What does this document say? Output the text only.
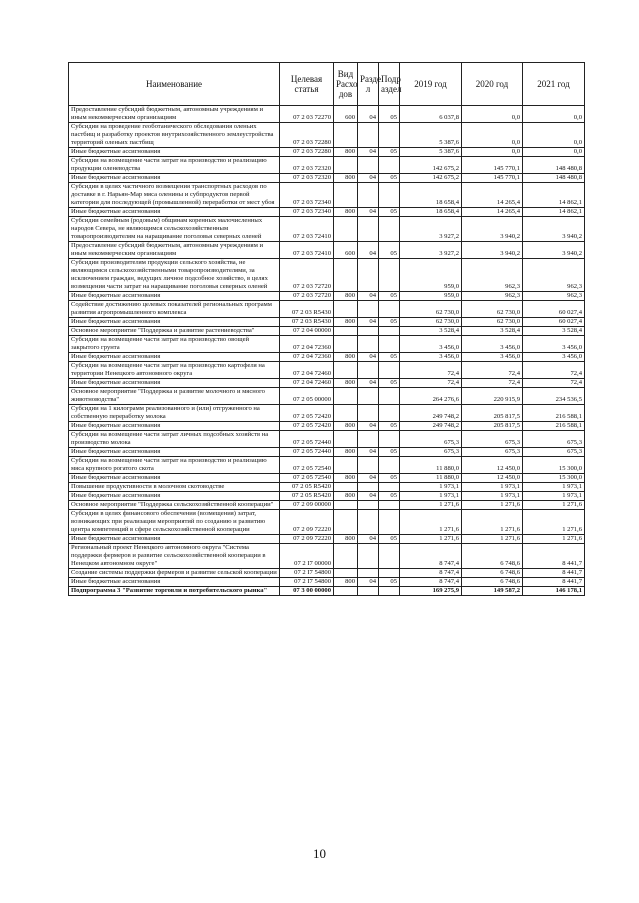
Наименование	Целевая статья	Вид Расхо дов	Разде л	Подр аздел	2019 год	2020 год	2021 год
Предоставление субсидий бюджетным, автономным учреждениям и иным некоммерческим организациям	07 2 03 72270	600	04	05	6 037,8	0,0	0,0
Субсидии на проведение геоботанического обследования оленьих пастбищ и разработку проектов внутрихозяйственного землеустройства территорий оленьих пастбищ	07 2 03 72280				5 387,6	0,0	0,0
Иные бюджетные ассигнования	07 2 03 72280	800	04	05	5 387,6	0,0	0,0
Субсидии на возмещение части затрат на производство и реализацию продукции оленеводства	07 2 03 72320				142 675,2	145 770,1	148 480,8
Иные бюджетные ассигнования	07 2 03 72320	800	04	05	142 675,2	145 770,1	148 480,8
Субсидии в целях частичного возмещения транспортных расходов по доставке в г. Нарьян-Мар мяса оленины и субпродуктов первой категории для последующей (промышленной) переработки от мест убоя	07 2 03 72340				18 658,4	14 265,4	14 862,1
Иные бюджетные ассигнования	07 2 03 72340	800	04	05	18 658,4	14 265,4	14 862,1
Субсидии семейным (родовым) общинам коренных малочисленных народов Севера, не являющимся сельскохозяйственным товаропроизводителям на наращивание поголовья северных оленей	07 2 03 72410				3 927,2	3 940,2	3 940,2
Предоставление субсидий бюджетным, автономным учреждениям и иным некоммерческим организациям	07 2 03 72410	600	04	05	3 927,2	3 940,2	3 940,2
Субсидии производителям продукции сельского хозяйства, не являющимся сельскохозяйственными товаропроизводителями, за исключением граждан, ведущих личное подсобное хозяйство, в целях возмещения части затрат на наращивание поголовья северных оленей	07 2 03 72720				959,0	962,3	962,3
Иные бюджетные ассигнования	07 2 03 72720	800	04	05	959,0	962,3	962,3
Содействие достижению целевых показателей региональных программ развития агропромышленного комплекса	07 2 03 R5430				62 730,0	62 730,0	60 027,4
Иные бюджетные ассигнования	07 2 03 R5430	800	04	05	62 730,0	62 730,0	60 027,4
Основное мероприятие "Поддержка и развитие растениеводства"	07 2 04 00000				3 528,4	3 528,4	3 528,4
Субсидии на возмещение части затрат на производство овощей закрытого грунта	07 2 04 72360				3 456,0	3 456,0	3 456,0
Иные бюджетные ассигнования	07 2 04 72360	800	04	05	3 456,0	3 456,0	3 456,0
Субсидии на возмещение части затрат на производство картофеля на территории Ненецкого автономного округа	07 2 04 72460				72,4	72,4	72,4
Иные бюджетные ассигнования	07 2 04 72460	800	04	05	72,4	72,4	72,4
Основное мероприятие "Поддержка и развитие молочного и мясного животноводства"	07 2 05 00000				264 276,6	220 915,9	234 536,5
Субсидии на 1 килограмм реализованного и (или) отгруженного на собственную переработку молока	07 2 05 72420				249 748,2	205 817,5	216 588,1
Иные бюджетные ассигнования	07 2 05 72420	800	04	05	249 748,2	205 817,5	216 588,1
Субсидии на возмещение части затрат личных подсобных хозяйств на производство молока	07 2 05 72440				675,3	675,3	675,3
Иные бюджетные ассигнования	07 2 05 72440	800	04	05	675,3	675,3	675,3
Субсидии на возмещение части затрат на производство и реализацию мяса крупного рогатого скота	07 2 05 72540				11 880,0	12 450,0	15 300,0
Иные бюджетные ассигнования	07 2 05 72540	800	04	05	11 880,0	12 450,0	15 300,0
Повышение продуктивности в молочном скотоводстве	07 2 05 R5420				1 973,1	1 973,1	1 973,1
Иные бюджетные ассигнования	07 2 05 R5420	800	04	05	1 973,1	1 973,1	1 973,1
Основное мероприятие "Поддержка сельскохозяйственной кооперации"	07 2 09 00000				1 271,6	1 271,6	1 271,6
Субсидии в целях финансового обеспечения (возмещения) затрат, возникающих при реализации мероприятий по созданию и развитию центра компетенций в сфере сельскохозяйственной кооперации	07 2 09 72220				1 271,6	1 271,6	1 271,6
Иные бюджетные ассигнования	07 2 09 72220	800	04	05	1 271,6	1 271,6	1 271,6
Региональный проект Ненецкого автономного округа "Система поддержки фермеров и развитие сельскохозяйственной кооперации в Ненецком автономном округе"	07 2 I7 00000				8 747,4	6 748,6	8 441,7
Создание системы поддержки фермеров и развитие сельской кооперации	07 2 I7 54800				8 747,4	6 748,6	8 441,7
Иные бюджетные ассигнования	07 2 I7 54800	800	04	05	8 747,4	6 748,6	8 441,7
Подпрограмма 3 "Развитие торговли и потребительского рынка"	07 3 00 00000				169 275,9	149 587,2	146 178,1
10
